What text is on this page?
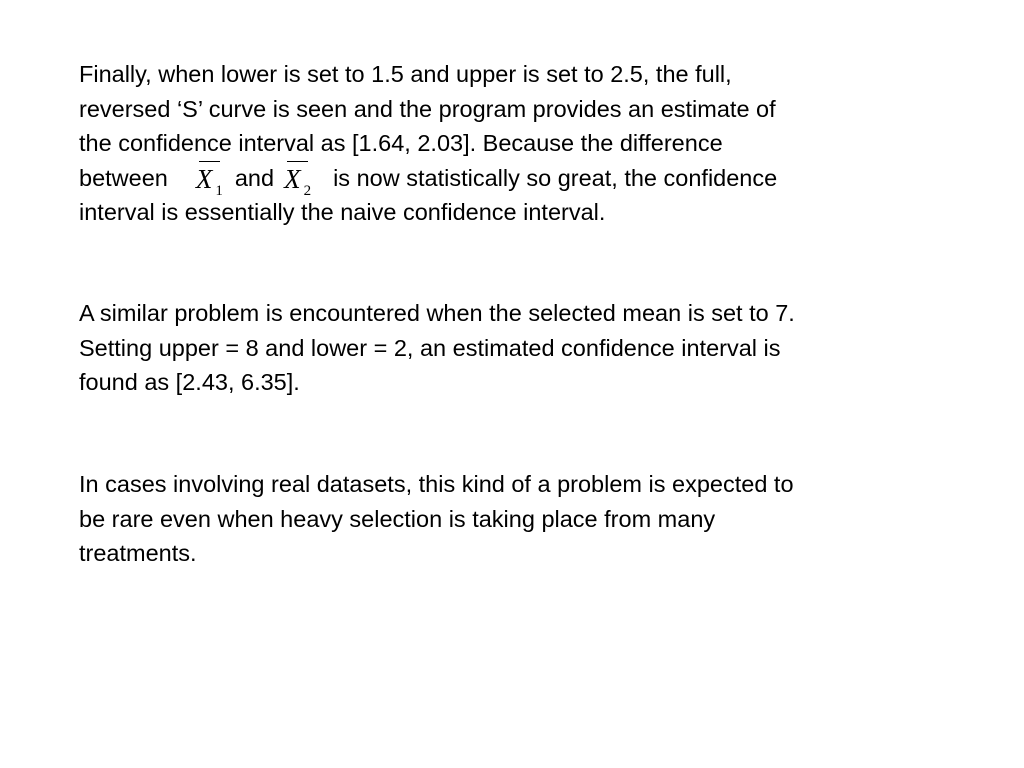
Finally, when lower is set to 1.5 and upper is set to 2.5, the full,
reversed ‘S’ curve is seen and the program provides an estimate of
the confidence interval as [1.64, 2.03]. Because the difference
between X $_1$ and X $_2$ is now statistically so great, the confidence
interval is essentially the naive confidence interval.

A similar problem is encountered when the selected mean is set to 7.
Setting upper = 8 and lower = 2, an estimated confidence interval is
found as [2.43, 6.35].

In cases involving real datasets, this kind of a problem is expected to
be rare even when heavy selection is taking place from many
treatments.
